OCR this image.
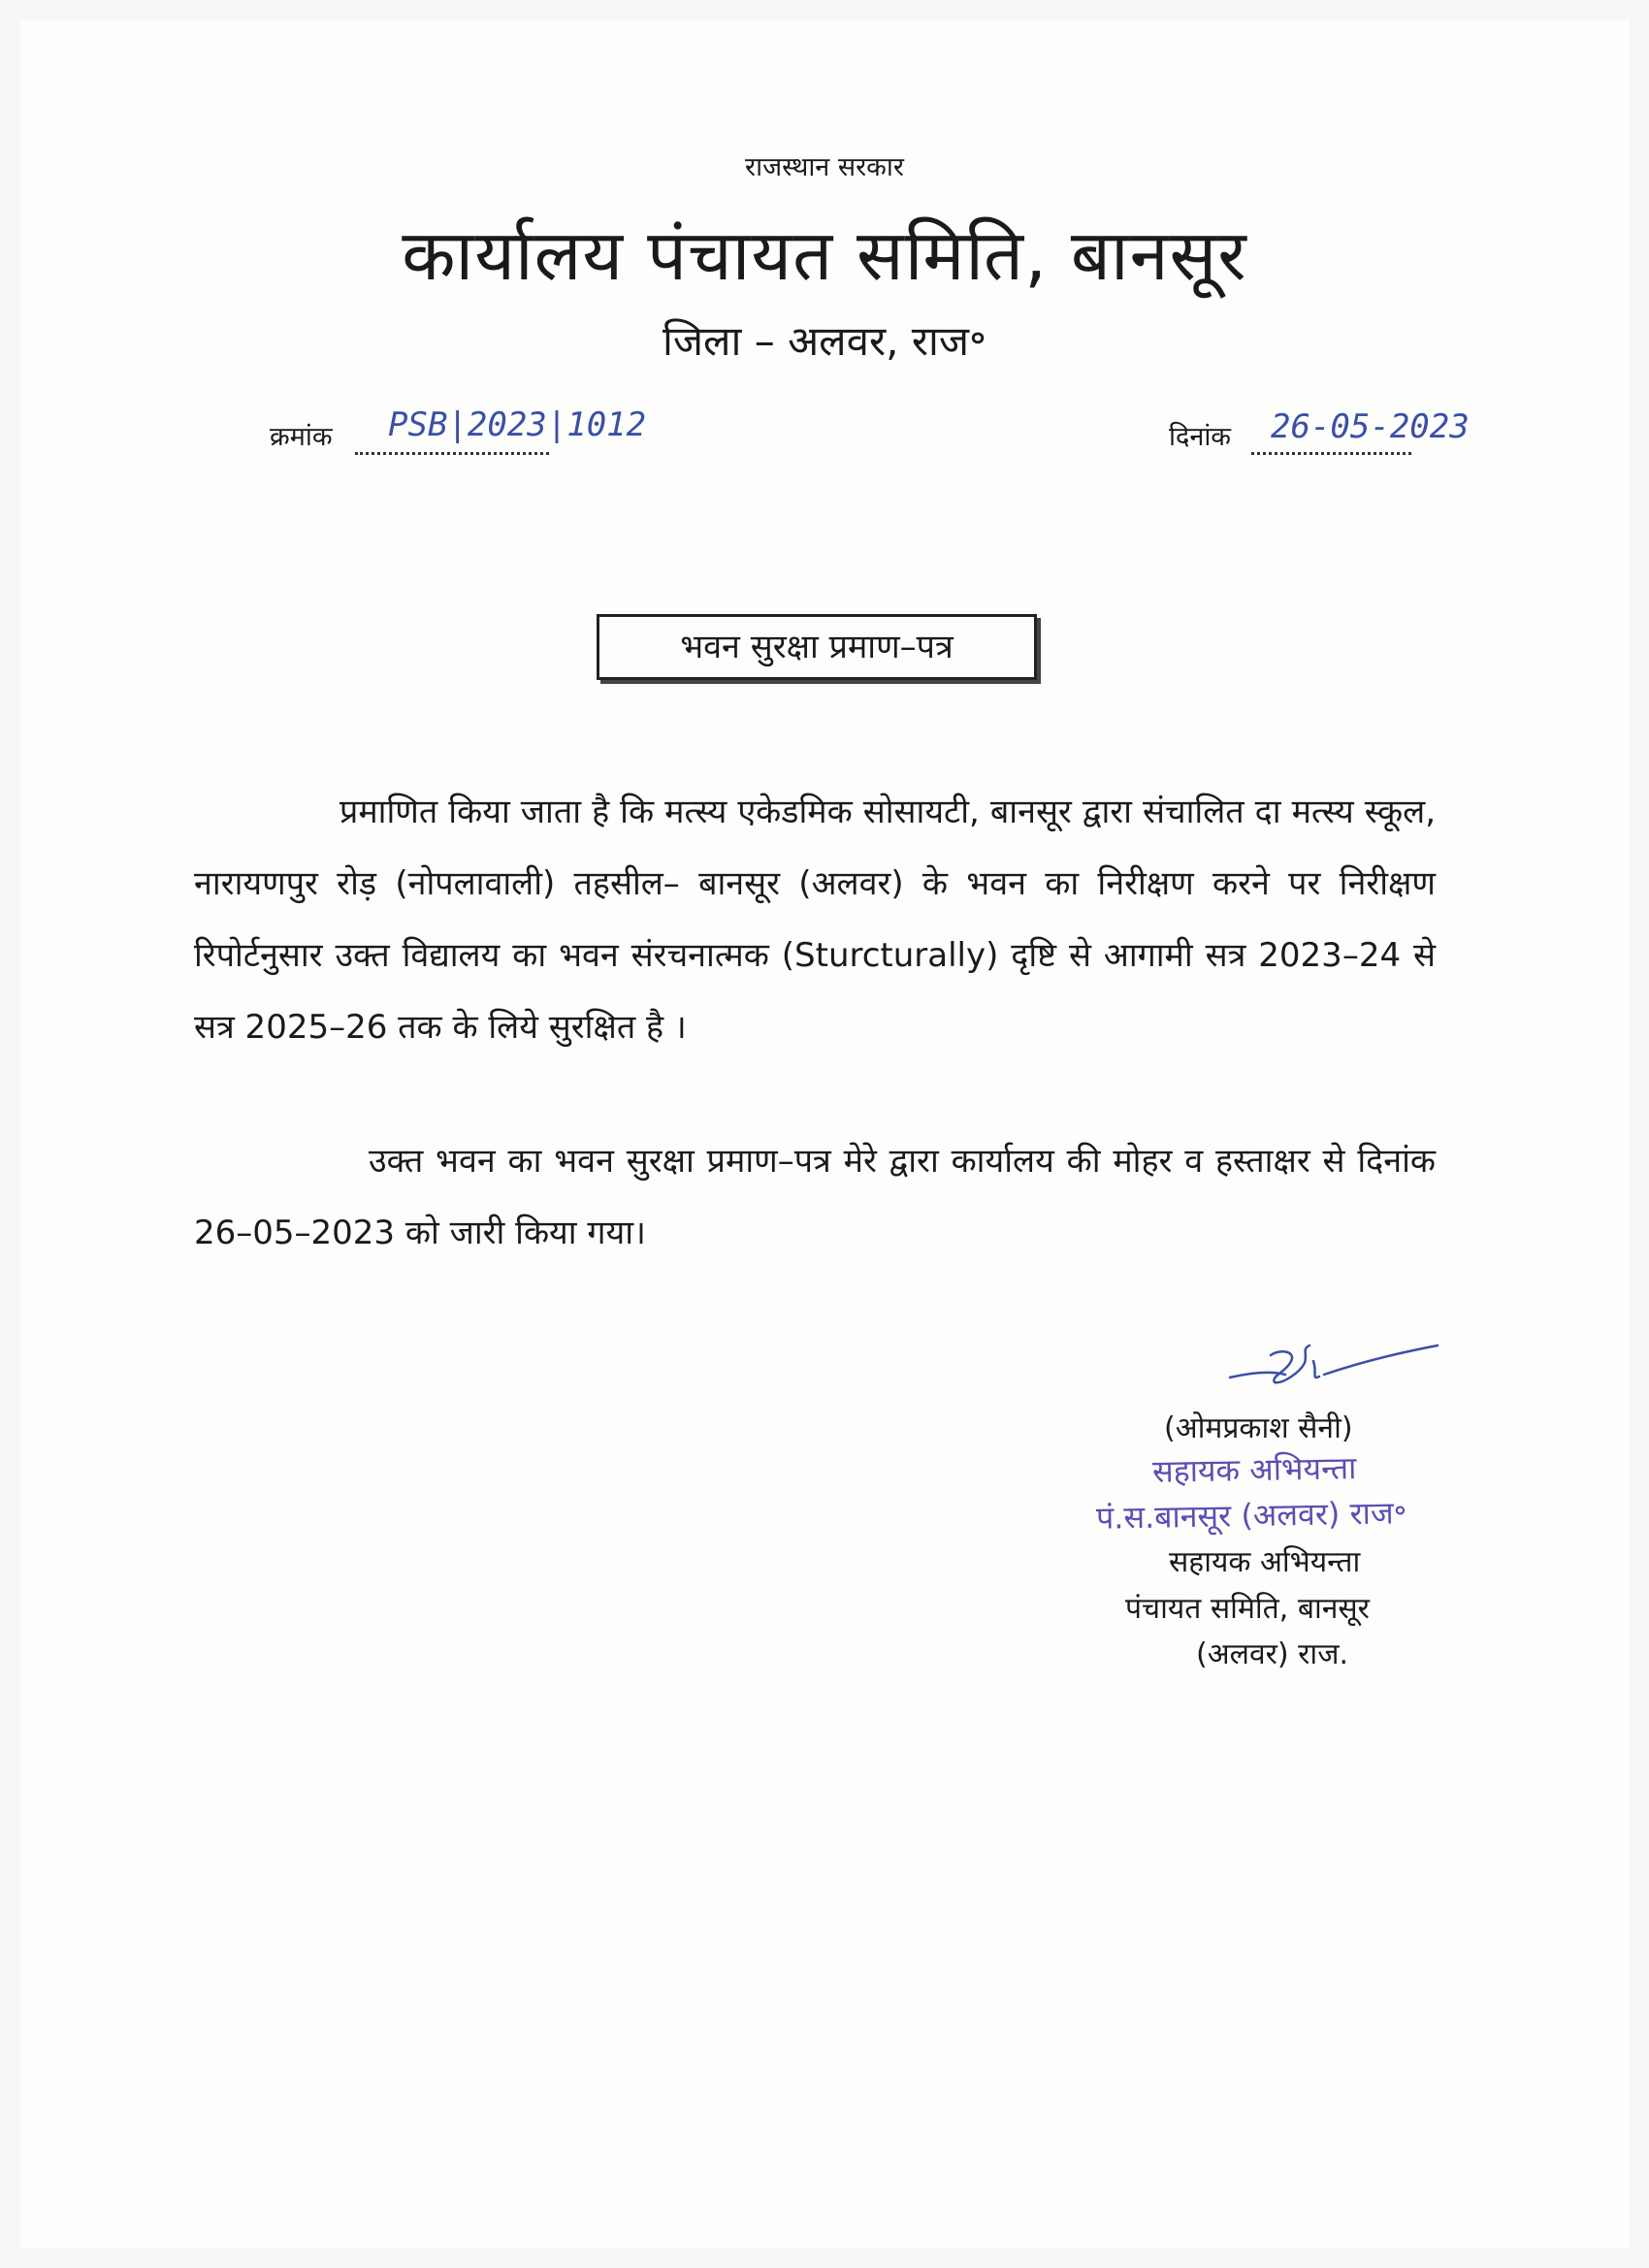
राजस्थान सरकार
कार्यालय पंचायत समिति, बानसूर
जिला – अलवर, राज॰
क्रमांक PSB|2023|1012	दिनांक 26-05-2023
भवन सुरक्षा प्रमाण–पत्र
प्रमाणित किया जाता है कि मत्स्य एकेडमिक सोसायटी, बानसूर द्वारा संचालित दा मत्स्य स्कूल, नारायणपुर रोड़ (नोपलावाली) तहसील– बानसूर (अलवर) के भवन का निरीक्षण करने पर निरीक्षण रिपोर्टनुसार उक्त विद्यालय का भवन संरचनात्मक (Sturcturally) दृष्टि से आगामी सत्र 2023–24 से सत्र 2025–26 तक के लिये सुरक्षित है ।
उक्त भवन का भवन सुरक्षा प्रमाण–पत्र मेरे द्वारा कार्यालय की मोहर व हस्ताक्षर से दिनांक 26–05–2023 को जारी किया गया।
(ओमप्रकाश सैनी)
सहायक अभियन्ता
पं.स.बानसूर (अलवर) राज॰
सहायक अभियन्ता
पंचायत समिति, बानसूर
(अलवर) राज.
